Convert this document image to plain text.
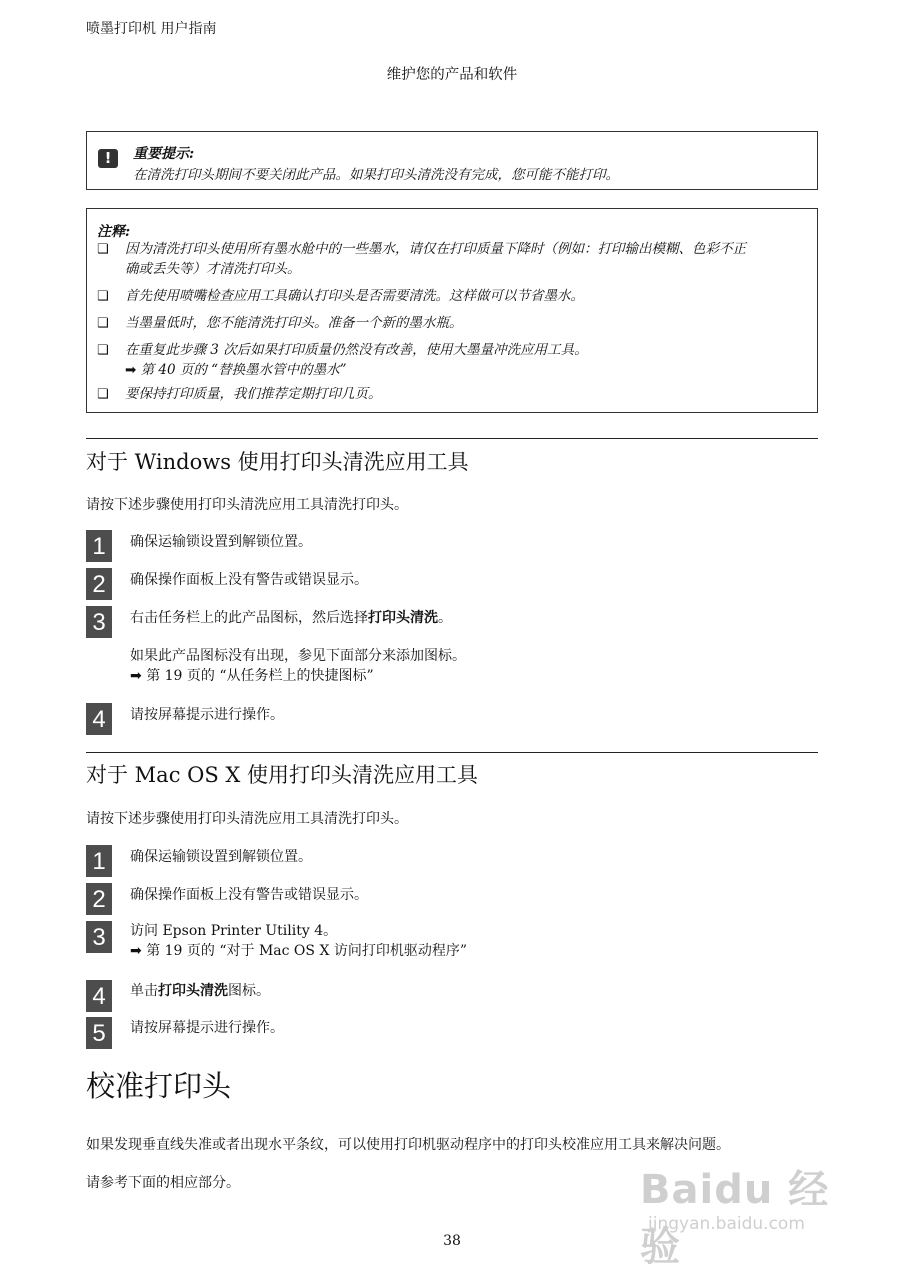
喷墨打印机 用户指南
维护您的产品和软件
!	重要提示:
在清洗打印头期间不要关闭此产品。如果打印头清洗没有完成，您可能不能打印。
注释:
❑ 因为清洗打印头使用所有墨水舱中的一些墨水，请仅在打印质量下降时（例如：打印输出模糊、色彩不正
确或丢失等）才清洗打印头。
❑ 首先使用喷嘴检查应用工具确认打印头是否需要清洗。这样做可以节省墨水。
❑ 当墨量低时，您不能清洗打印头。准备一个新的墨水瓶。
❑ 在重复此步骤 3 次后如果打印质量仍然没有改善，使用大墨量冲洗应用工具。
➡ 第 40 页的 “替换墨水管中的墨水”
❑ 要保持打印质量，我们推荐定期打印几页。
对于 Windows 使用打印头清洗应用工具
请按下述步骤使用打印头清洗应用工具清洗打印头。
1	确保运输锁设置到解锁位置。
2	确保操作面板上没有警告或错误显示。
3	右击任务栏上的此产品图标，然后选择打印头清洗。
如果此产品图标没有出现，参见下面部分来添加图标。
➡ 第 19 页的 “从任务栏上的快捷图标”
4	请按屏幕提示进行操作。
对于 Mac OS X 使用打印头清洗应用工具
请按下述步骤使用打印头清洗应用工具清洗打印头。
1	确保运输锁设置到解锁位置。
2	确保操作面板上没有警告或错误显示。
3	访问 Epson Printer Utility 4。
➡ 第 19 页的 “对于 Mac OS X 访问打印机驱动程序”
4	单击打印头清洗图标。
5	请按屏幕提示进行操作。
校准打印头
如果发现垂直线失准或者出现水平条纹，可以使用打印机驱动程序中的打印头校准应用工具来解决问题。
请参考下面的相应部分。
38
Baidu 经验
jingyan.baidu.com
